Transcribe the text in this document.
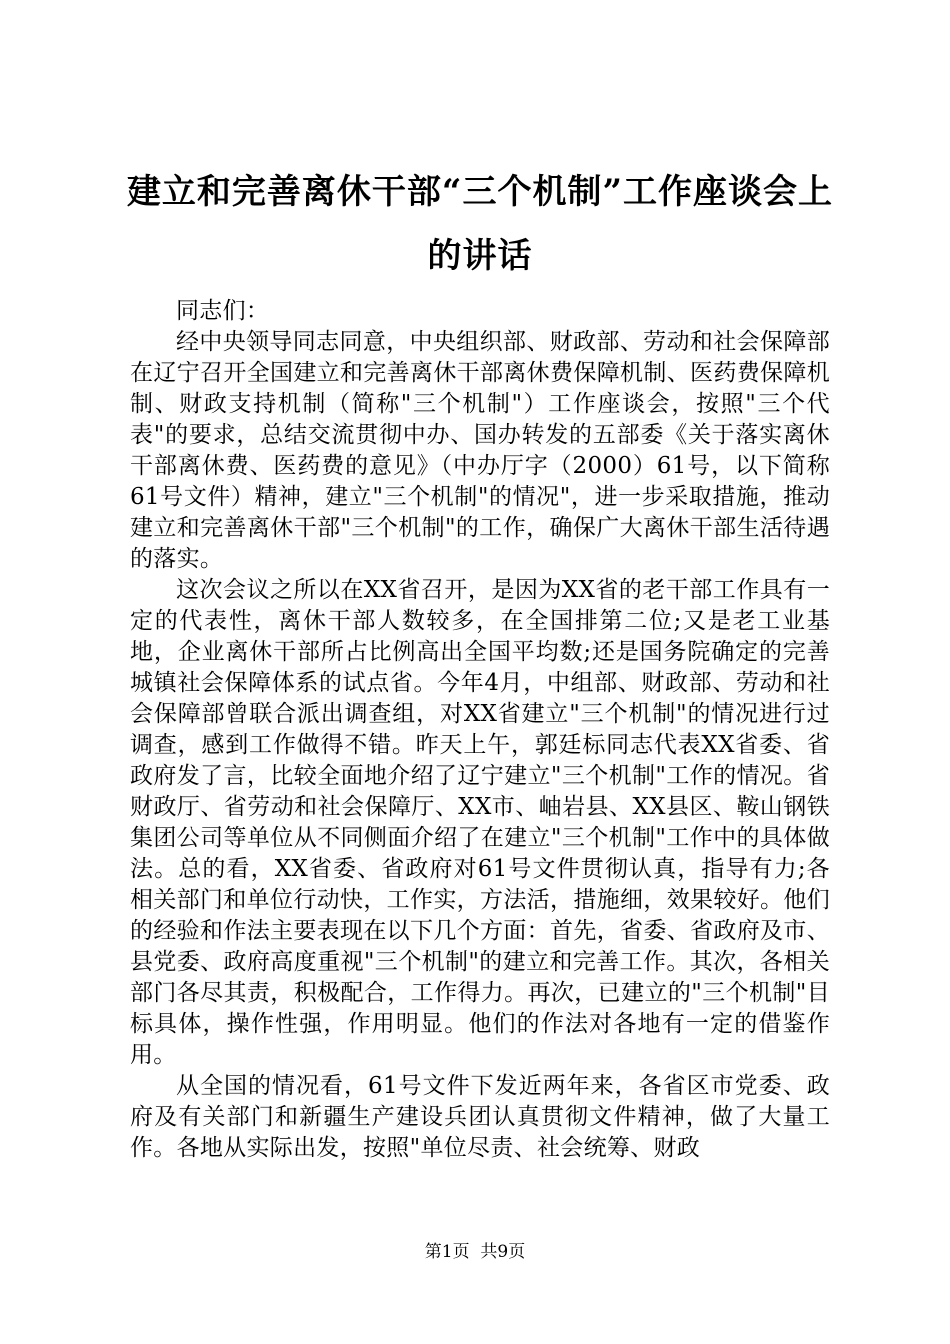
建立和完善离休干部“三个机制”工作座谈会上的讲话

同志们：

经中央领导同志同意，中央组织部、财政部、劳动和社会保障部在辽宁召开全国建立和完善离休干部离休费保障机制、医药费保障机制、财政支持机制（简称"三个机制"）工作座谈会，按照"三个代表"的要求，总结交流贯彻中办、国办转发的五部委《关于落实离休干部离休费、医药费的意见》（中办厅字（2000）61号，以下简称61号文件）精神，建立"三个机制"的情况"，进一步采取措施，推动建立和完善离休干部"三个机制"的工作，确保广大离休干部生活待遇的落实。

这次会议之所以在XX省召开，是因为XX省的老干部工作具有一定的代表性，离休干部人数较多，在全国排第二位;又是老工业基地，企业离休干部所占比例高出全国平均数;还是国务院确定的完善城镇社会保障体系的试点省。今年4月，中组部、财政部、劳动和社会保障部曾联合派出调查组，对XX省建立"三个机制"的情况进行过调查，感到工作做得不错。昨天上午，郭廷标同志代表XX省委、省政府发了言，比较全面地介绍了辽宁建立"三个机制"工作的情况。省财政厅、省劳动和社会保障厅、XX市、岫岩县、XX县区、鞍山钢铁集团公司等单位从不同侧面介绍了在建立"三个机制"工作中的具体做法。总的看，XX省委、省政府对61号文件贯彻认真，指导有力;各相关部门和单位行动快，工作实，方法活，措施细，效果较好。他们的经验和作法主要表现在以下几个方面：首先，省委、省政府及市、县党委、政府高度重视"三个机制"的建立和完善工作。其次，各相关部门各尽其责，积极配合，工作得力。再次，已建立的"三个机制"目标具体，操作性强，作用明显。他们的作法对各地有一定的借鉴作用。

从全国的情况看，61号文件下发近两年来，各省区市党委、政府及有关部门和新疆生产建设兵团认真贯彻文件精神，做了大量工作。各地从实际出发，按照"单位尽责、社会统筹、财政

第1页 共9页
